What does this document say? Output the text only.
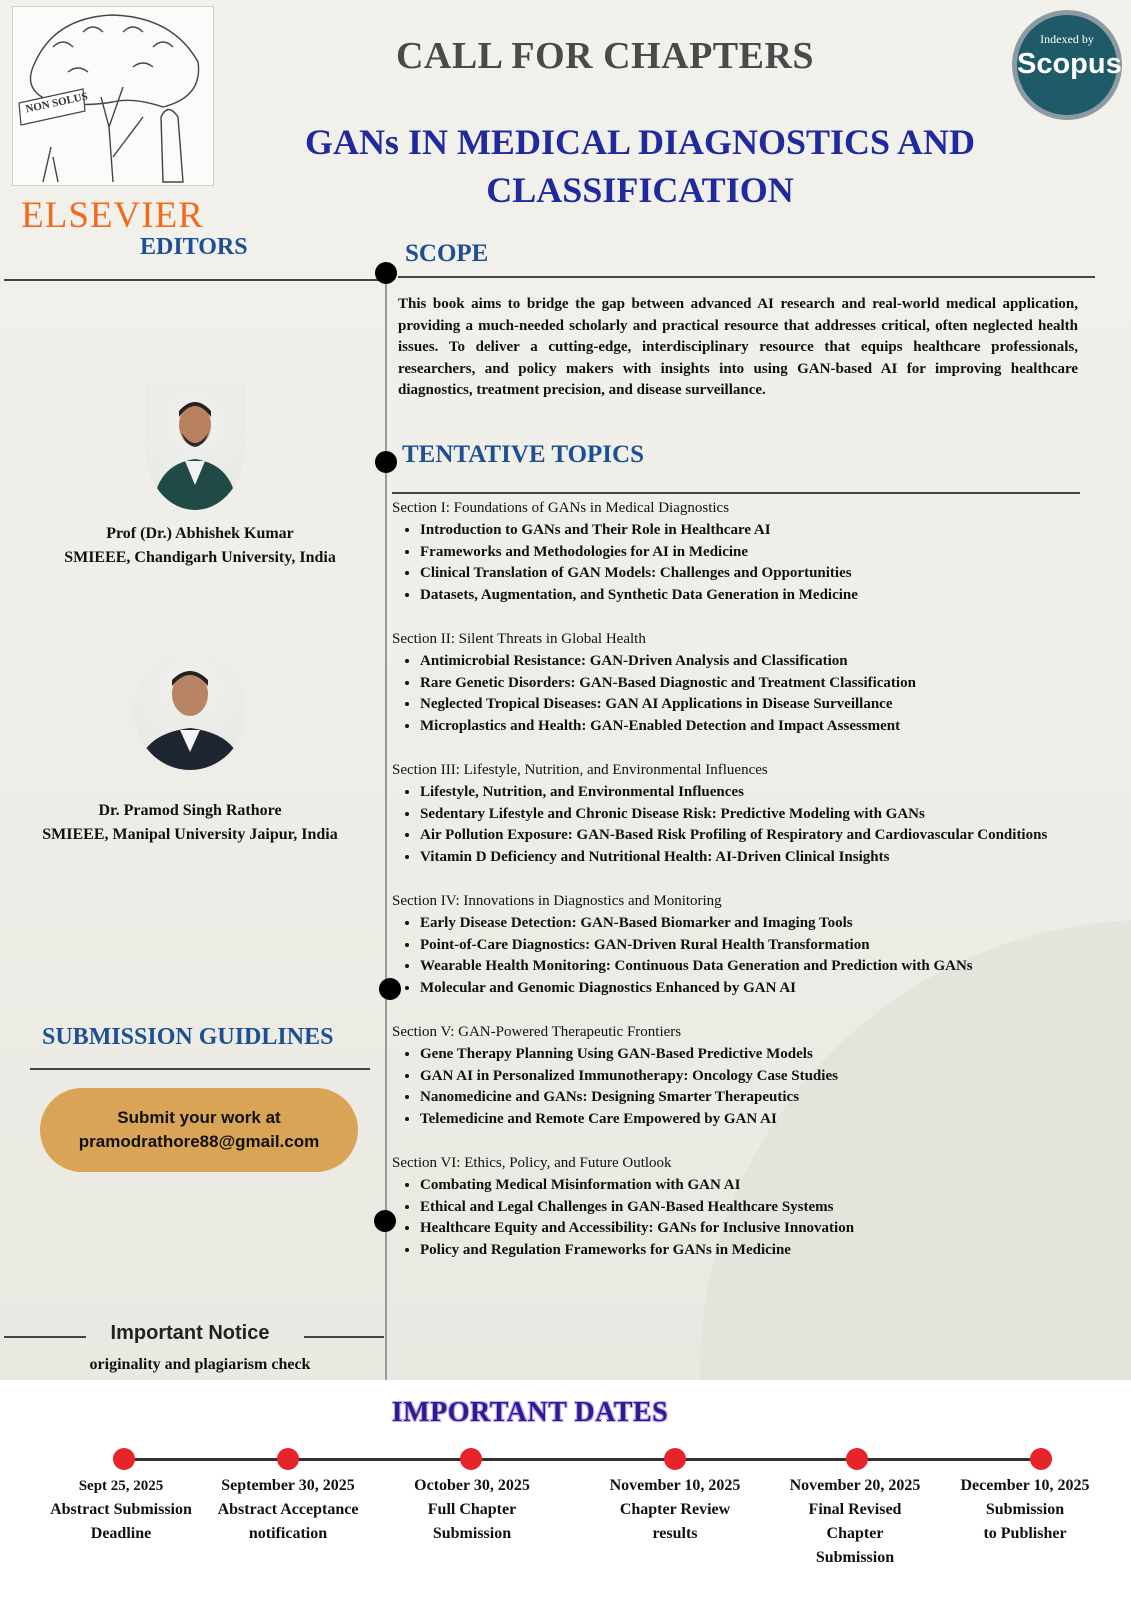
NON SOLUS
ELSEVIER
Indexed by
Scopus
CALL FOR CHAPTERS
GANs IN MEDICAL DIAGNOSTICS AND
CLASSIFICATION
EDITORS	SCOPE
This book aims to bridge the gap between advanced AI research and real-world medical application, providing a much-needed scholarly and practical resource that addresses critical, often neglected health issues. To deliver a cutting-edge, interdisciplinary resource that equips healthcare professionals, researchers, and policy makers with insights into using GAN-based AI for improving healthcare diagnostics, treatment precision, and disease surveillance.
TENTATIVE TOPICS
Section I: Foundations of GANs in Medical Diagnostics
• Introduction to GANs and Their Role in Healthcare AI
• Frameworks and Methodologies for AI in Medicine
• Clinical Translation of GAN Models: Challenges and Opportunities
• Datasets, Augmentation, and Synthetic Data Generation in Medicine
Section II: Silent Threats in Global Health
• Antimicrobial Resistance: GAN-Driven Analysis and Classification
• Rare Genetic Disorders: GAN-Based Diagnostic and Treatment Classification
• Neglected Tropical Diseases: GAN AI Applications in Disease Surveillance
• Microplastics and Health: GAN-Enabled Detection and Impact Assessment
Section III: Lifestyle, Nutrition, and Environmental Influences
• Lifestyle, Nutrition, and Environmental Influences
• Sedentary Lifestyle and Chronic Disease Risk: Predictive Modeling with GANs
• Air Pollution Exposure: GAN-Based Risk Profiling of Respiratory and Cardiovascular Conditions
• Vitamin D Deficiency and Nutritional Health: AI-Driven Clinical Insights
Section IV: Innovations in Diagnostics and Monitoring
• Early Disease Detection: GAN-Based Biomarker and Imaging Tools
• Point-of-Care Diagnostics: GAN-Driven Rural Health Transformation
• Wearable Health Monitoring: Continuous Data Generation and Prediction with GANs
• Molecular and Genomic Diagnostics Enhanced by GAN AI
Section V: GAN-Powered Therapeutic Frontiers
• Gene Therapy Planning Using GAN-Based Predictive Models
• GAN AI in Personalized Immunotherapy: Oncology Case Studies
• Nanomedicine and GANs: Designing Smarter Therapeutics
• Telemedicine and Remote Care Empowered by GAN AI
Section VI: Ethics, Policy, and Future Outlook
• Combating Medical Misinformation with GAN AI
• Ethical and Legal Challenges in GAN-Based Healthcare Systems
• Healthcare Equity and Accessibility: GANs for Inclusive Innovation
• Policy and Regulation Frameworks for GANs in Medicine
Prof (Dr.) Abhishek Kumar
SMIEEE, Chandigarh University, India
Dr. Pramod Singh Rathore
SMIEEE, Manipal University Jaipur, India
SUBMISSION GUIDLINES
Submit your work at
pramodrathore88@gmail.com
Important Notice
originality and plagiarism check
IMPORTANT DATES
Sept 25, 2025
Abstract Submission Deadline
September 30, 2025
Abstract Acceptance notification
October 30, 2025
Full Chapter Submission
November 10, 2025
Chapter Review results
November 20, 2025
Final Revised Chapter Submission
December 10, 2025
Submission to Publisher
